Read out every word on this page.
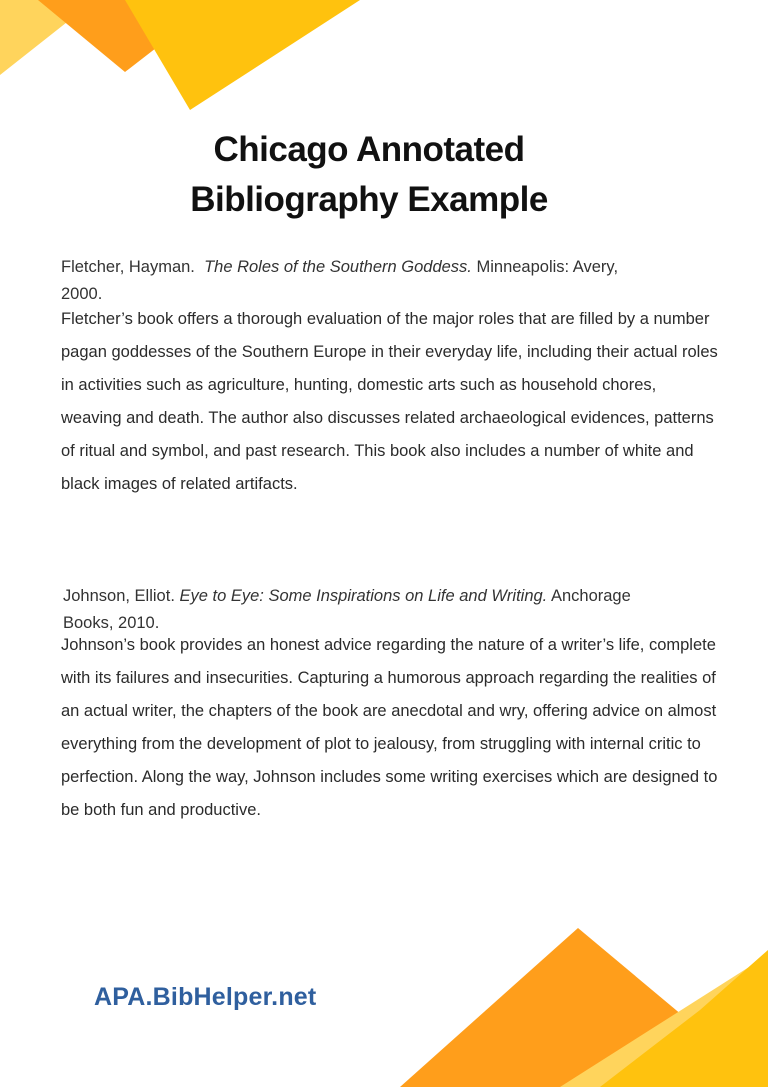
Chicago Annotated
Bibliography Example
Fletcher, Hayman. The Roles of the Southern Goddess. Minneapolis: Avery,
2000.
Fletcher’s book offers a thorough evaluation of the major roles that are filled by a number pagan goddesses of the Southern Europe in their everyday life, including their actual roles in activities such as agriculture, hunting, domestic arts such as household chores, weaving and death. The author also discusses related archaeological evidences, patterns of ritual and symbol, and past research. This book also includes a number of white and black images of related artifacts.
Johnson, Elliot. Eye to Eye: Some Inspirations on Life and Writing. Anchorage
Books, 2010.
Johnson’s book provides an honest advice regarding the nature of a writer’s life, complete with its failures and insecurities. Capturing a humorous approach regarding the realities of an actual writer, the chapters of the book are anecdotal and wry, offering advice on almost everything from the development of plot to jealousy, from struggling with internal critic to perfection. Along the way, Johnson includes some writing exercises which are designed to be both fun and productive.
APA.BibHelper.net
